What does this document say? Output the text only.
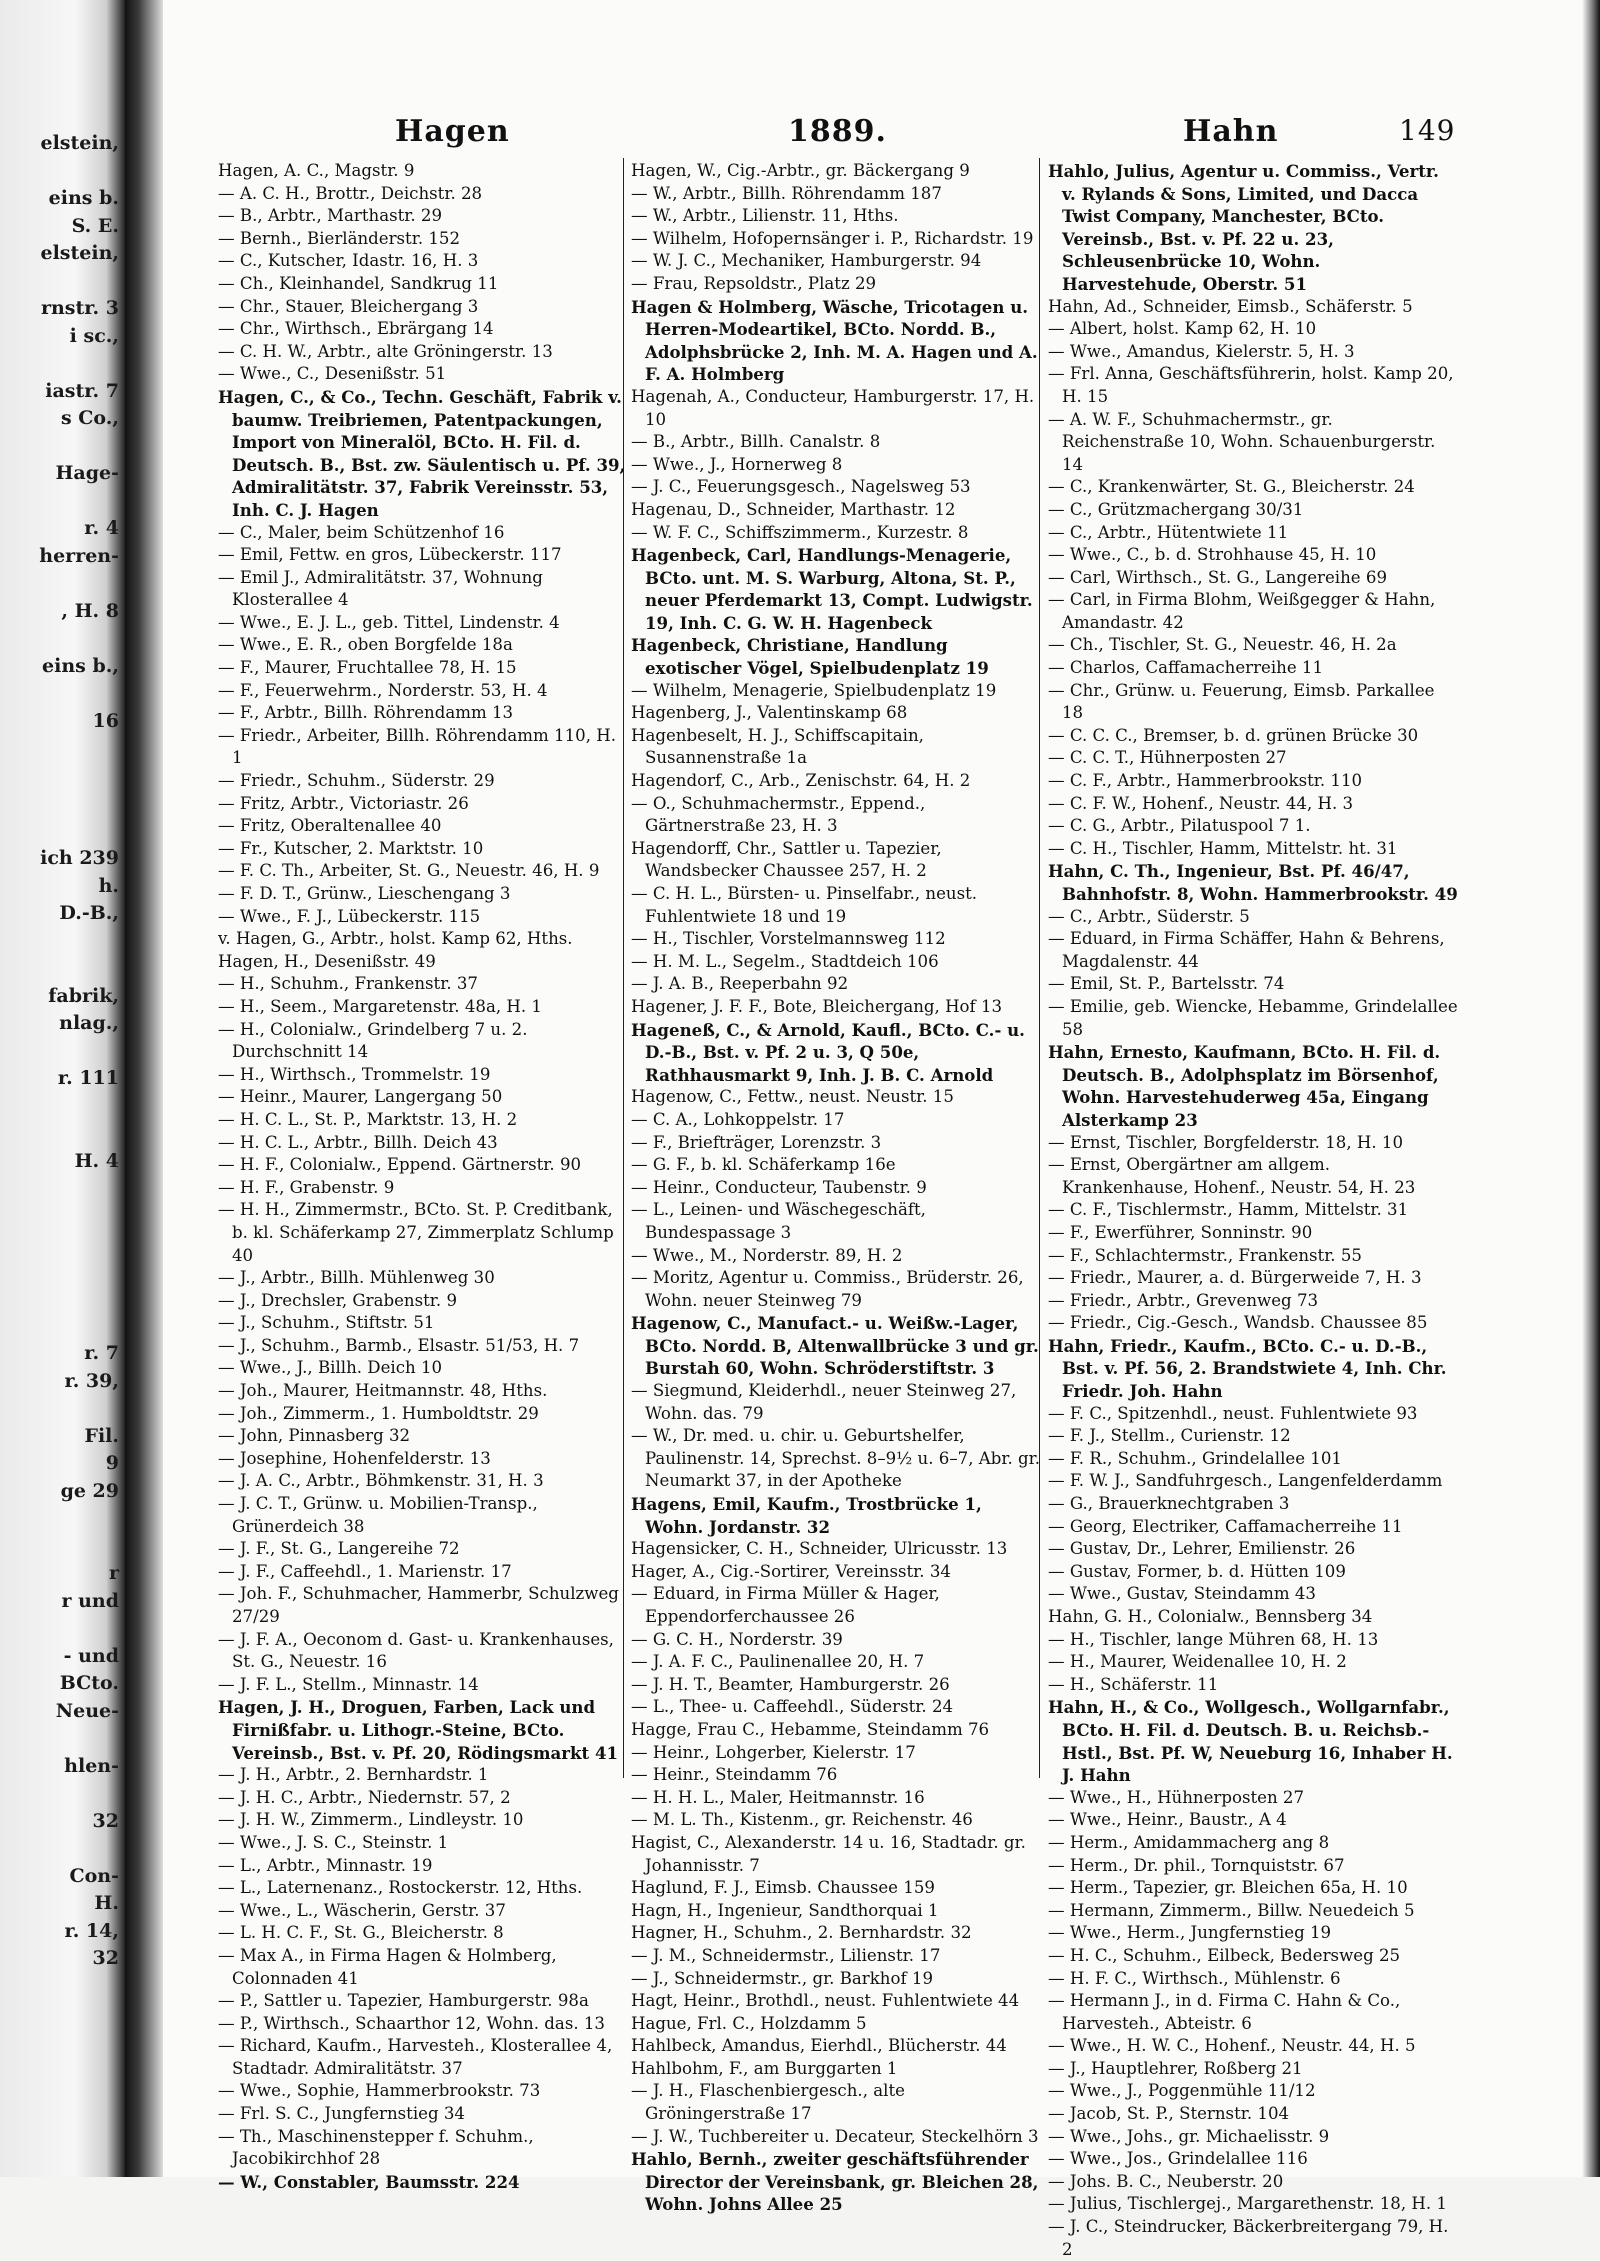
elstein,
eins b.
S. E.
elstein,
rnstr. 3
i sc.,
iastr. 7
s Co.,
Hage-
r. 4
herren-
, H. 8
eins b.,
16
ich 239
h.
D.-B.,
fabrik,
nlag.,
r. 111
H. 4
r. 7
r. 39,
Fil.
9
ge 29
r
r und
- und
BCto.
Neue-
hlen-
32
Con-
H.
r. 14,
32
Hagen	1889.	Hahn	149

Hagen, A. C., Magstr. 9

— A. C. H., Brottr., Deichstr. 28

— B., Arbtr., Marthastr. 29

— Bernh., Bierländerstr. 152

— C., Kutscher, Idastr. 16, H. 3

— Ch., Kleinhandel, Sandkrug 11

— Chr., Stauer, Bleichergang 3

— Chr., Wirthsch., Ebrärgang 14

— C. H. W., Arbtr., alte Gröningerstr. 13

— Wwe., C., Desenißstr. 51

Hagen, C., & Co., Techn. Geschäft, Fabrik v. baumw. Treibriemen, Patentpackungen, Import von Mineralöl, BCto. H. Fil. d. Deutsch. B., Bst. zw. Säulentisch u. Pf. 39, Admiralitätstr. 37, Fabrik Vereinsstr. 53, Inh. C. J. Hagen

— C., Maler, beim Schützenhof 16

— Emil, Fettw. en gros, Lübeckerstr. 117

— Emil J., Admiralitätstr. 37, Wohnung Klosterallee 4

— Wwe., E. J. L., geb. Tittel, Lindenstr. 4

— Wwe., E. R., oben Borgfelde 18a

— F., Maurer, Fruchtallee 78, H. 15

— F., Feuerwehrm., Norderstr. 53, H. 4

— F., Arbtr., Billh. Röhrendamm 13

— Friedr., Arbeiter, Billh. Röhrendamm 110, H. 1

— Friedr., Schuhm., Süderstr. 29

— Fritz, Arbtr., Victoriastr. 26

— Fritz, Oberaltenallee 40

— Fr., Kutscher, 2. Marktstr. 10

— F. C. Th., Arbeiter, St. G., Neuestr. 46, H. 9

— F. D. T., Grünw., Lieschengang 3

— Wwe., F. J., Lübeckerstr. 115

v. Hagen, G., Arbtr., holst. Kamp 62, Hths.

Hagen, H., Desenißstr. 49

— H., Schuhm., Frankenstr. 37

— H., Seem., Margaretenstr. 48a, H. 1

— H., Colonialw., Grindelberg 7 u. 2. Durchschnitt 14

— H., Wirthsch., Trommelstr. 19

— Heinr., Maurer, Langergang 50

— H. C. L., St. P., Marktstr. 13, H. 2

— H. C. L., Arbtr., Billh. Deich 43

— H. F., Colonialw., Eppend. Gärtnerstr. 90

— H. F., Grabenstr. 9

— H. H., Zimmermstr., BCto. St. P. Creditbank, b. kl. Schäferkamp 27, Zimmerplatz Schlump 40

— J., Arbtr., Billh. Mühlenweg 30

— J., Drechsler, Grabenstr. 9

— J., Schuhm., Stiftstr. 51

— J., Schuhm., Barmb., Elsastr. 51/53, H. 7

— Wwe., J., Billh. Deich 10

— Joh., Maurer, Heitmannstr. 48, Hths.

— Joh., Zimmerm., 1. Humboldtstr. 29

— John, Pinnasberg 32

— Josephine, Hohenfelderstr. 13

— J. A. C., Arbtr., Böhmkenstr. 31, H. 3

— J. C. T., Grünw. u. Mobilien-Transp., Grünerdeich 38

— J. F., St. G., Langereihe 72

— J. F., Caffeehdl., 1. Marienstr. 17

— Joh. F., Schuhmacher, Hammerbr, Schulzweg 27/29

— J. F. A., Oeconom d. Gast- u. Krankenhauses, St. G., Neuestr. 16

— J. F. L., Stellm., Minnastr. 14

Hagen, J. H., Droguen, Farben, Lack und Firnißfabr. u. Lithogr.-Steine, BCto. Vereinsb., Bst. v. Pf. 20, Rödingsmarkt 41

— J. H., Arbtr., 2. Bernhardstr. 1

— J. H. C., Arbtr., Niedernstr. 57, 2

— J. H. W., Zimmerm., Lindleystr. 10

— Wwe., J. S. C., Steinstr. 1

— L., Arbtr., Minnastr. 19

— L., Laternenanz., Rostockerstr. 12, Hths.

— Wwe., L., Wäscherin, Gerstr. 37

— L. H. C. F., St. G., Bleicherstr. 8

— Max A., in Firma Hagen & Holmberg, Colonnaden 41

— P., Sattler u. Tapezier, Hamburgerstr. 98a

— P., Wirthsch., Schaarthor 12, Wohn. das. 13

— Richard, Kaufm., Harvestеh., Klosterallee 4, Stadtadr. Admiralitätstr. 37

— Wwe., Sophie, Hammerbrookstr. 73

— Frl. S. C., Jungfernstieg 34

— Th., Maschinensteppеr f. Schuhm., Jacobikirchhof 28

— W., Constabler, Baumsstr. 224

Hagen, W., Cig.-Arbtr., gr. Bäckergang 9

— W., Arbtr., Billh. Röhrendamm 187

— W., Arbtr., Lilienstr. 11, Hths.

— Wilhelm, Hofopernsänger i. P., Richardstr. 19

— W. J. C., Mechaniker, Hamburgerstr. 94

— Frau, Repsoldstr., Platz 29

Hagen & Holmberg, Wäsche, Tricotagen u. Herren-Modeartikel, BCto. Nordd. B., Adolphsbrücke 2, Inh. M. A. Hagen und A. F. A. Holmberg

Hagenah, A., Conducteur, Hamburgerstr. 17, H. 10

— B., Arbtr., Billh. Canalstr. 8

— Wwe., J., Hornerweg 8

— J. C., Feuerungsgesch., Nagelsweg 53

Hagenau, D., Schneider, Marthastr. 12

— W. F. C., Schiffszimmerm., Kurzestr. 8

Hagenbeck, Carl, Handlungs-Menagerie, BCto. unt. M. S. Warburg, Altona, St. P., neuer Pferdemarkt 13, Compt. Ludwigstr. 19, Inh. C. G. W. H. Hagenbeck

Hagenbeck, Christiane, Handlung exotischer Vögel, Spielbudenplatz 19

— Wilhelm, Menagerie, Spielbudenplatz 19

Hagenberg, J., Valentinskamp 68

Hagenbeselt, H. J., Schiffscapitain, Susannenstraße 1a

Hagendorf, C., Arb., Zenischstr. 64, H. 2

— O., Schuhmachermstr., Eppend., Gärtnerstraße 23, H. 3

Hagendorff, Chr., Sattler u. Tapezier, Wandsbecker Chaussee 257, H. 2

— C. H. L., Bürsten- u. Pinselfabr., neust. Fuhlentwiete 18 und 19

— H., Tischler, Vorstelmannsweg 112

— H. M. L., Segelm., Stadtdeich 106

— J. A. B., Reeperbahn 92

Hagener, J. F. F., Bote, Bleichergang, Hof 13

Hageneß, C., & Arnold, Kaufl., BCto. C.- u. D.-B., Bst. v. Pf. 2 u. 3, Q 50e, Rathhausmarkt 9, Inh. J. B. C. Arnold

Hagenow, C., Fettw., neust. Neustr. 15

— C. A., Lohkoppelstr. 17

— F., Briefträger, Lorenzstr. 3

— G. F., b. kl. Schäferkamp 16e

— Heinr., Conducteur, Taubenstr. 9

— L., Leinen- und Wäschegeschäft, Bundespassage 3

— Wwe., M., Norderstr. 89, H. 2

— Moritz, Agentur u. Commiss., Brüderstr. 26, Wohn. neuer Steinweg 79

Hagenow, C., Manufact.- u. Weißw.-Lager, BCto. Nordd. B, Altenwallbrücke 3 und gr. Burstah 60, Wohn. Schröderstiftstr. 3

— Siegmund, Kleiderhdl., neuer Steinweg 27, Wohn. das. 79

— W., Dr. med. u. chir. u. Geburtshelfer, Paulinenstr. 14, Sprechst. 8–9½ u. 6–7, Abr. gr. Neumarkt 37, in der Apotheke

Hagens, Emil, Kaufm., Trostbrücke 1, Wohn. Jordanstr. 32

Hagensicker, C. H., Schneider, Ulricusstr. 13

Hager, A., Cig.-Sortirer, Vereinsstr. 34

— Eduard, in Firma Müller & Hager, Eppendorferchaussee 26

— G. C. H., Norderstr. 39

— J. A. F. C., Paulinenallee 20, H. 7

— J. H. T., Beamter, Hamburgerstr. 26

— L., Thee- u. Caffeehdl., Süderstr. 24

Hagge, Frau C., Hebamme, Steindamm 76

— Heinr., Lohgerber, Kielerstr. 17

— Heinr., Steindamm 76

— H. H. L., Maler, Heitmannstr. 16

— M. L. Th., Kistenm., gr. Reichenstr. 46

Hagist, C., Alexanderstr. 14 u. 16, Stadtadr. gr. Johannisstr. 7

Haglund, F. J., Eimsb. Chaussee 159

Hagn, H., Ingenieur, Sandthorquai 1

Hagner, H., Schuhm., 2. Bernhardstr. 32

— J. M., Schneidermstr., Lilienstr. 17

— J., Schneidermstr., gr. Barkhof 19

Hagt, Heinr., Brothdl., neust. Fuhlentwiete 44

Hague, Frl. C., Holzdamm 5

Hahlbeck, Amandus, Eierhdl., Blücherstr. 44

Hahlbohm, F., am Burggarten 1

— J. H., Flaschenbiergesch., alte Gröningerstraße 17

— J. W., Tuchbereiter u. Decateur, Steckelhörn 3

Hahlo, Bernh., zweiter geschäftsführender Director der Vereinsbank, gr. Bleichen 28, Wohn. Johns Allee 25

Hahlo, Julius, Agentur u. Commiss., Vertr. v. Rylands & Sons, Limited, und Dacca Twist Company, Manchester, BCto. Vereinsb., Bst. v. Pf. 22 u. 23, Schleusenbrücke 10, Wohn. Harvestehude, Oberstr. 51

Hahn, Ad., Schneider, Eimsb., Schäferstr. 5

— Albert, holst. Kamp 62, H. 10

— Wwe., Amandus, Kielerstr. 5, H. 3

— Frl. Anna, Geschäftsführerin, holst. Kamp 20, H. 15

— A. W. F., Schuhmachermstr., gr. Reichenstraße 10, Wohn. Schauenburgerstr. 14

— C., Krankenwärter, St. G., Bleicherstr. 24

— C., Grützmachergang 30/31

— C., Arbtr., Hütentwiete 11

— Wwe., C., b. d. Strohhause 45, H. 10

— Carl, Wirthsch., St. G., Langereihe 69

— Carl, in Firma Blohm, Weißgegger & Hahn, Amandastr. 42

— Ch., Tischler, St. G., Neuestr. 46, H. 2a

— Charlos, Caffamacherreihe 11

— Chr., Grünw. u. Feuerung, Eimsb. Parkallee 18

— C. C. C., Bremser, b. d. grünen Brücke 30

— C. C. T., Hühnerposten 27

— C. F., Arbtr., Hammerbrookstr. 110

— C. F. W., Hohenf., Neustr. 44, H. 3

— C. G., Arbtr., Pilatuspool 7 1.

— C. H., Tischler, Hamm, Mittelstr. ht. 31

Hahn, C. Th., Ingenieur, Bst. Pf. 46/47, Bahnhofstr. 8, Wohn. Hammerbrookstr. 49

— C., Arbtr., Süderstr. 5

— Eduard, in Firma Schäffer, Hahn & Behrens, Magdalenstr. 44

— Emil, St. P., Bartelsstr. 74

— Emilie, geb. Wiencke, Hebamme, Grindelallee 58

Hahn, Ernesto, Kaufmann, BCto. H. Fil. d. Deutsch. B., Adolphsplatz im Börsenhof, Wohn. Harvestehuderweg 45a, Eingang Alsterkamp 23

— Ernst, Tischler, Borgfelderstr. 18, H. 10

— Ernst, Obergärtner am allgem. Krankenhause, Hohenf., Neustr. 54, H. 23

— C. F., Tischlermstr., Hamm, Mittelstr. 31

— F., Ewerführer, Sonninstr. 90

— F., Schlachtermstr., Frankenstr. 55

— Friedr., Maurer, a. d. Bürgerweide 7, H. 3

— Friedr., Arbtr., Grevenweg 73

— Friedr., Cig.-Gesch., Wandsb. Chaussee 85

Hahn, Friedr., Kaufm., BCto. C.- u. D.-B., Bst. v. Pf. 56, 2. Brandstwiete 4, Inh. Chr. Friedr. Joh. Hahn

— F. C., Spitzenhdl., neust. Fuhlentwiete 93

— F. J., Stellm., Curienstr. 12

— F. R., Schuhm., Grindelallee 101

— F. W. J., Sandfuhrgesch., Langenfelderdamm

— G., Brauerknechtgraben 3

— Georg, Electriker, Caffamacherreihe 11

— Gustav, Dr., Lehrer, Emilienstr. 26

— Gustav, Former, b. d. Hütten 109

— Wwe., Gustav, Steindamm 43

Hahn, G. H., Colonialw., Bennsberg 34

— H., Tischler, lange Mühren 68, H. 13

— H., Maurer, Weidenallee 10, H. 2

— H., Schäferstr. 11

Hahn, H., & Co., Wollgesch., Wollgarnfabr., BCto. H. Fil. d. Deutsch. B. u. Reichsb.-Hstl., Bst. Pf. W, Neueburg 16, Inhaber H. J. Hahn

— Wwe., H., Hühnerposten 27

— Wwe., Heinr., Baustr., A 4

— Herm., Amidammacherg ang 8

— Herm., Dr. phil., Tornquiststr. 67

— Herm., Tapezier, gr. Bleichen 65a, H. 10

— Hermann, Zimmerm., Billw. Neuedeich 5

— Wwe., Herm., Jungfernstieg 19

— H. C., Schuhm., Eilbeck, Bedersweg 25

— H. F. C., Wirthsch., Mühlenstr. 6

— Hermann J., in d. Firma C. Hahn & Co., Harvesteh., Abteistr. 6

— Wwe., H. W. C., Hohenf., Neustr. 44, H. 5

— J., Hauptlehrer, Roßberg 21

— Wwe., J., Poggenmühle 11/12

— Jacob, St. P., Sternstr. 104

— Wwe., Johs., gr. Michaelisstr. 9

— Wwe., Jos., Grindelallee 116

— Johs. B. C., Neuberstr. 20

— Julius, Tischlergej., Margarethenstr. 18, H. 1

— J. C., Steindrucker, Bäckerbreitergang 79, H. 2
